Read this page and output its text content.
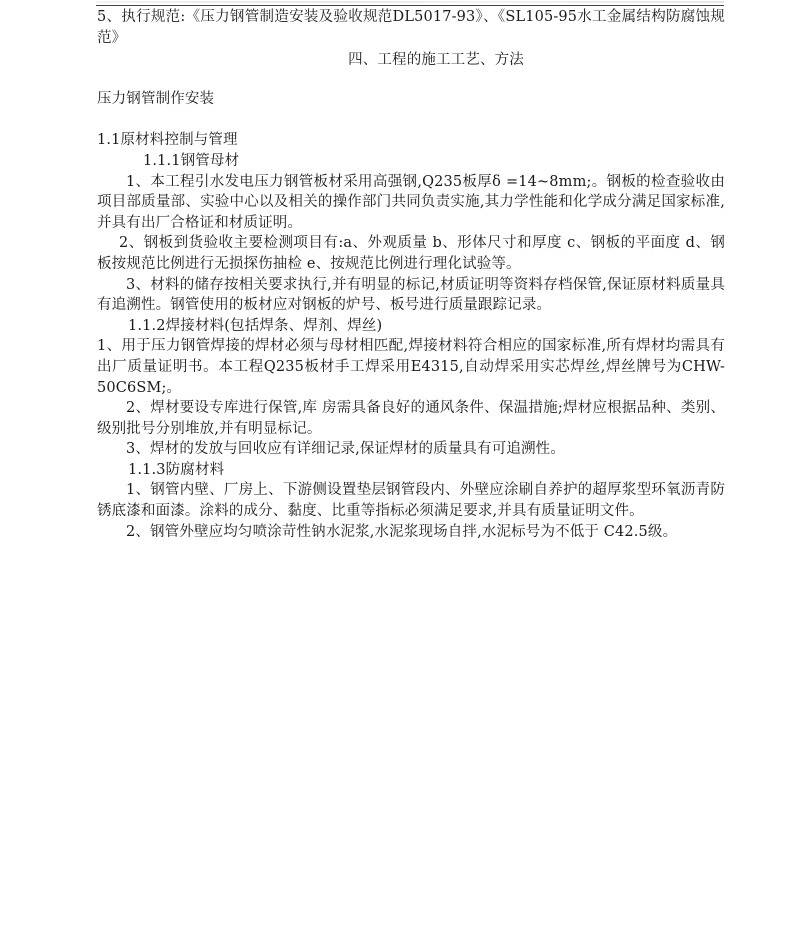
5、执行规范:《压力钢管制造安装及验收规范DL5017-93》、《SL105-95水工金属结构防腐蚀规范》
四、工程的施工工艺、方法
压力钢管制作安装
1.1原材料控制与管理
1.1.1钢管母材
1、本工程引水发电压力钢管板材采用高强钢,Q235板厚δ =14~8mm;。钢板的检查验收由项目部质量部、实验中心以及相关的操作部门共同负责实施,其力学性能和化学成分满足国家标准,并具有出厂合格证和材质证明。
2、钢板到货验收主要检测项目有:a、外观质量 b、形体尺寸和厚度 c、钢板的平面度 d、钢板按规范比例进行无损探伤抽检 e、按规范比例进行理化试验等。
3、材料的储存按相关要求执行,并有明显的标记,材质证明等资料存档保管,保证原材料质量具有追溯性。钢管使用的板材应对钢板的炉号、板号进行质量跟踪记录。
1.1.2焊接材料(包括焊条、焊剂、焊丝)
1、用于压力钢管焊接的焊材必须与母材相匹配,焊接材料符合相应的国家标准,所有焊材均需具有出厂质量证明书。本工程Q235板材手工焊采用E4315,自动焊采用实芯焊丝,焊丝牌号为CHW-50C6SM;。
2、焊材要设专库进行保管,库 房需具备良好的通风条件、保温措施;焊材应根据品种、类别、级别批号分别堆放,并有明显标记。
3、焊材的发放与回收应有详细记录,保证焊材的质量具有可追溯性。
1.1.3防腐材料
1、钢管内壁、厂房上、下游侧设置垫层钢管段内、外壁应涂刷自养护的超厚浆型环氧沥青防锈底漆和面漆。涂料的成分、黏度、比重等指标必须满足要求,并具有质量证明文件。
2、钢管外壁应均匀喷涂苛性钠水泥浆,水泥浆现场自拌,水泥标号为不低于 C42.5级。
